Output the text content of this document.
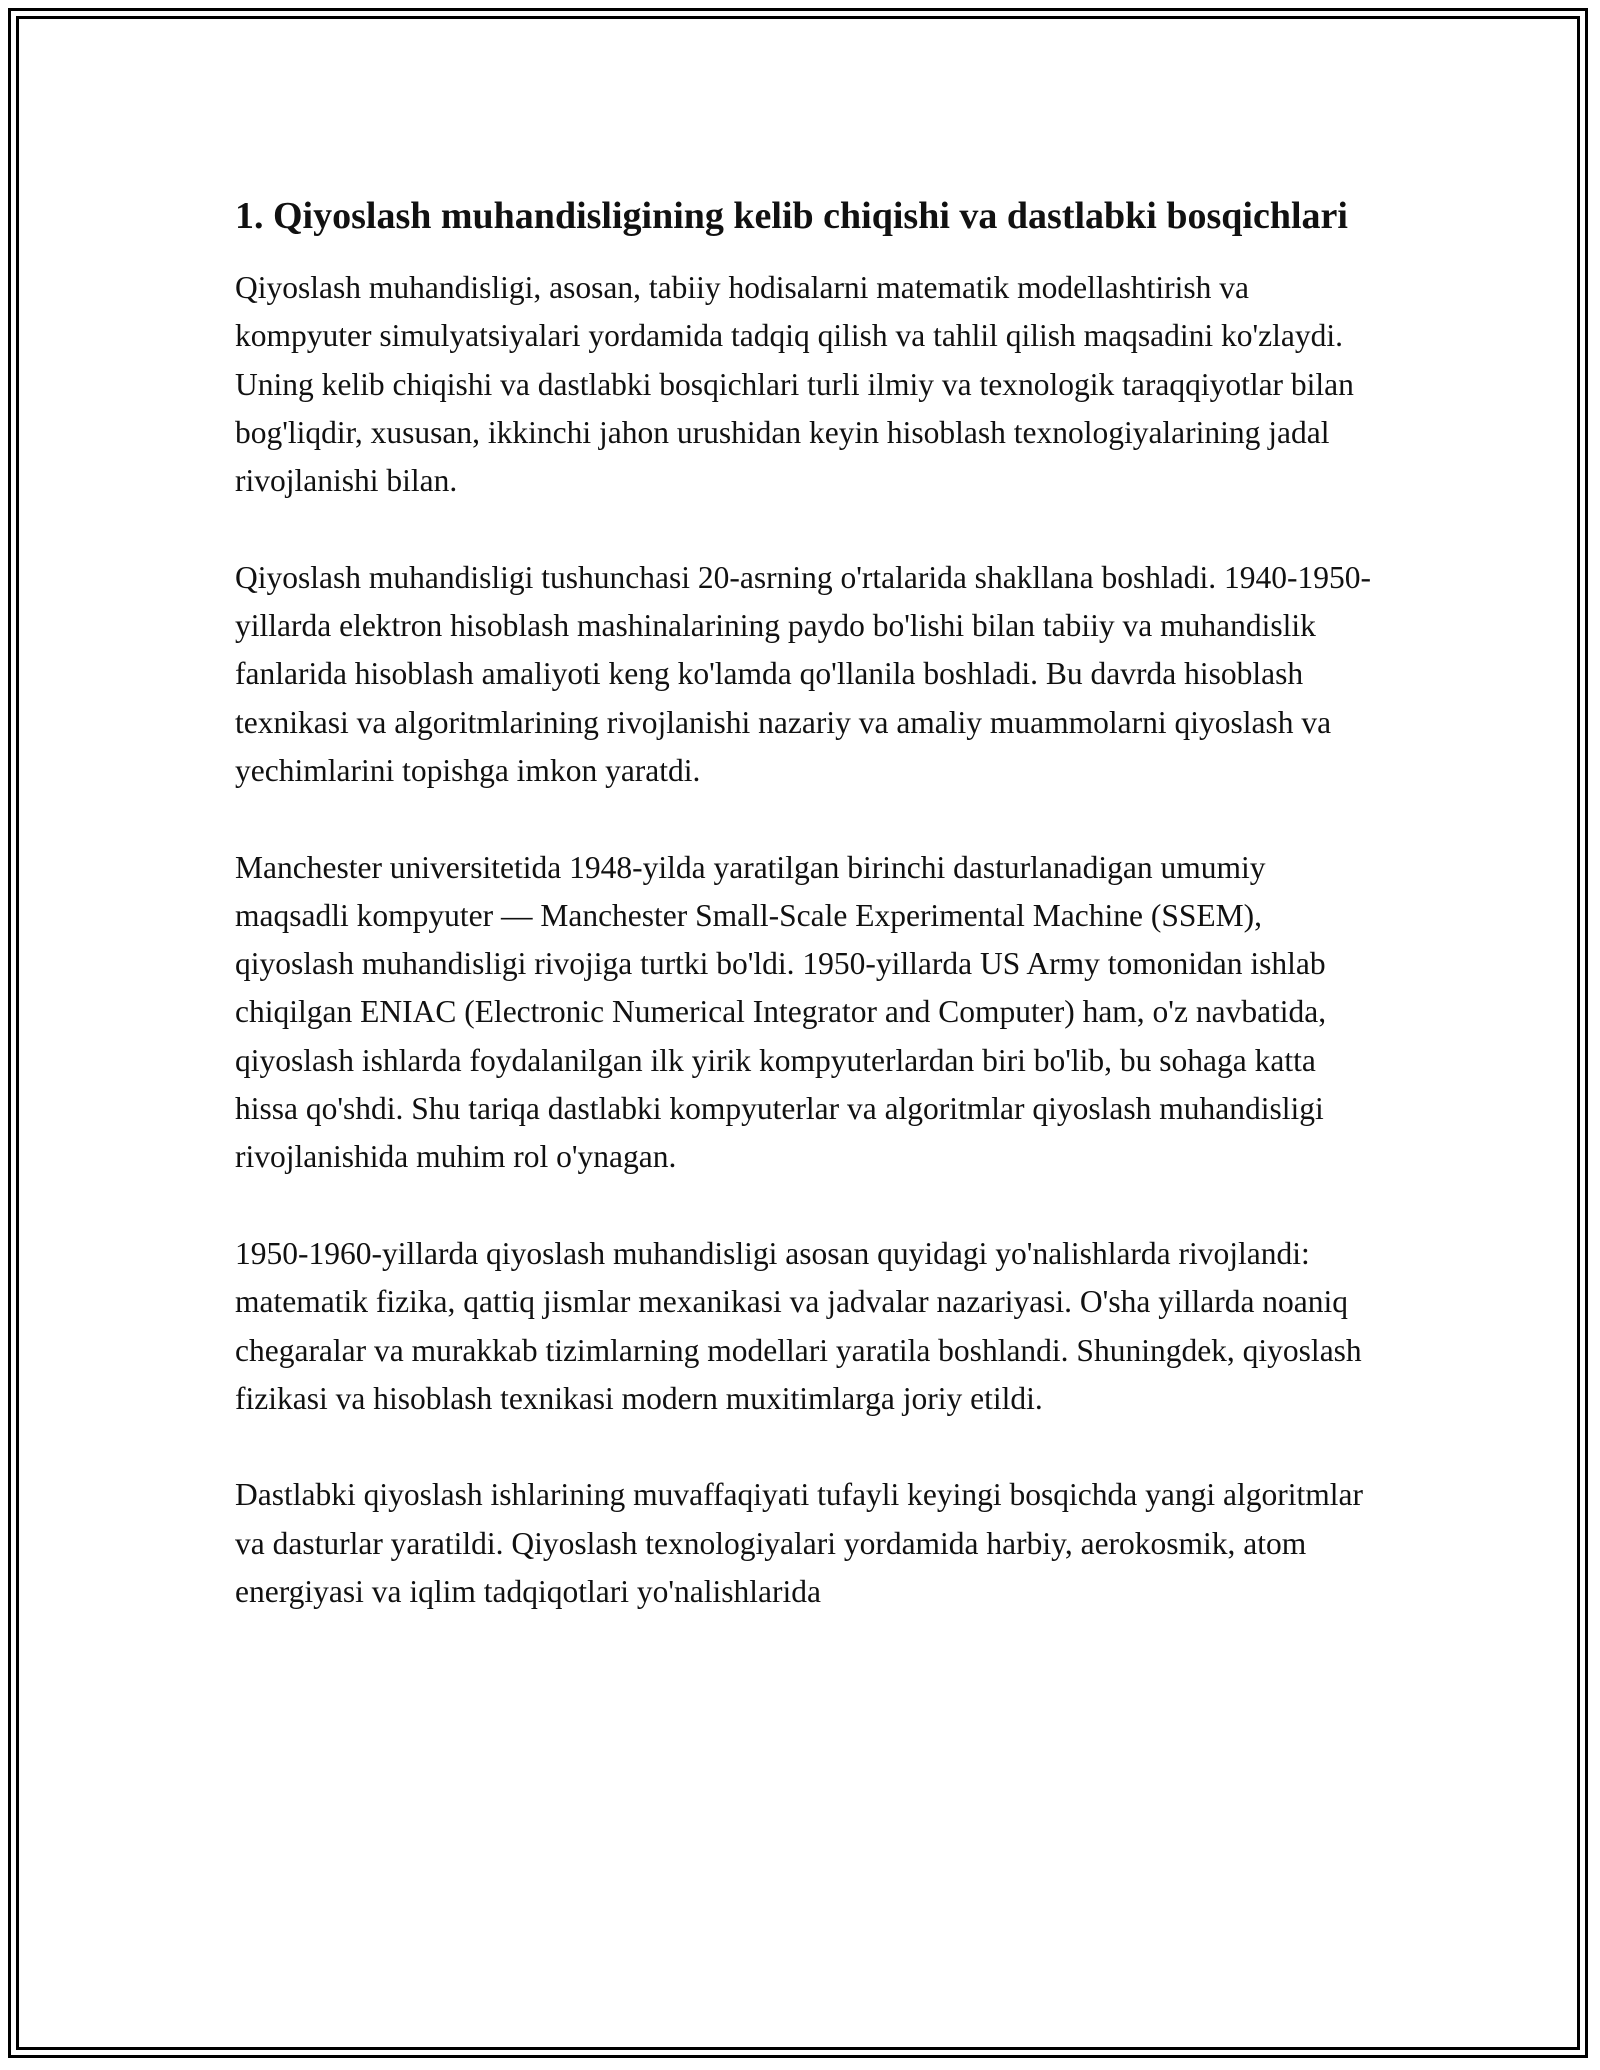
1. Qiyoslash muhandisligining kelib chiqishi va dastlabki bosqichlari

Qiyoslash muhandisligi, asosan, tabiiy hodisalarni matematik modellashtirish va kompyuter simulyatsiyalari yordamida tadqiq qilish va tahlil qilish maqsadini ko'zlaydi. Uning kelib chiqishi va dastlabki bosqichlari turli ilmiy va texnologik taraqqiyotlar bilan bog'liqdir, xususan, ikkinchi jahon urushidan keyin hisoblash texnologiyalarining jadal rivojlanishi bilan.

Qiyoslash muhandisligi tushunchasi 20-asrning o'rtalarida shakllana boshladi. 1940-1950-yillarda elektron hisoblash mashinalarining paydo bo'lishi bilan tabiiy va muhandislik fanlarida hisoblash amaliyoti keng ko'lamda qo'llanila boshladi. Bu davrda hisoblash texnikasi va algoritmlarining rivojlanishi nazariy va amaliy muammolarni qiyoslash va yechimlarini topishga imkon yaratdi.

Manchester universitetida 1948-yilda yaratilgan birinchi dasturlanadigan umumiy maqsadli kompyuter — Manchester Small-Scale Experimental Machine (SSEM), qiyoslash muhandisligi rivojiga turtki bo'ldi. 1950-yillarda US Army tomonidan ishlab chiqilgan ENIAC (Electronic Numerical Integrator and Computer) ham, o'z navbatida, qiyoslash ishlarda foydalanilgan ilk yirik kompyuterlardan biri bo'lib, bu sohaga katta hissa qo'shdi. Shu tariqa dastlabki kompyuterlar va algoritmlar qiyoslash muhandisligi rivojlanishida muhim rol o'ynagan.

1950-1960-yillarda qiyoslash muhandisligi asosan quyidagi yo'nalishlarda rivojlandi: matematik fizika, qattiq jismlar mexanikasi va jadvalar nazariyasi. O'sha yillarda noaniq chegaralar va murakkab tizimlarning modellari yaratila boshlandi. Shuningdek, qiyoslash fizikasi va hisoblash texnikasi modern muxitimlarga joriy etildi.

Dastlabki qiyoslash ishlarining muvaffaqiyati tufayli keyingi bosqichda yangi algoritmlar va dasturlar yaratildi. Qiyoslash texnologiyalari yordamida harbiy, aerokosmik, atom energiyasi va iqlim tadqiqotlari yo'nalishlarida
